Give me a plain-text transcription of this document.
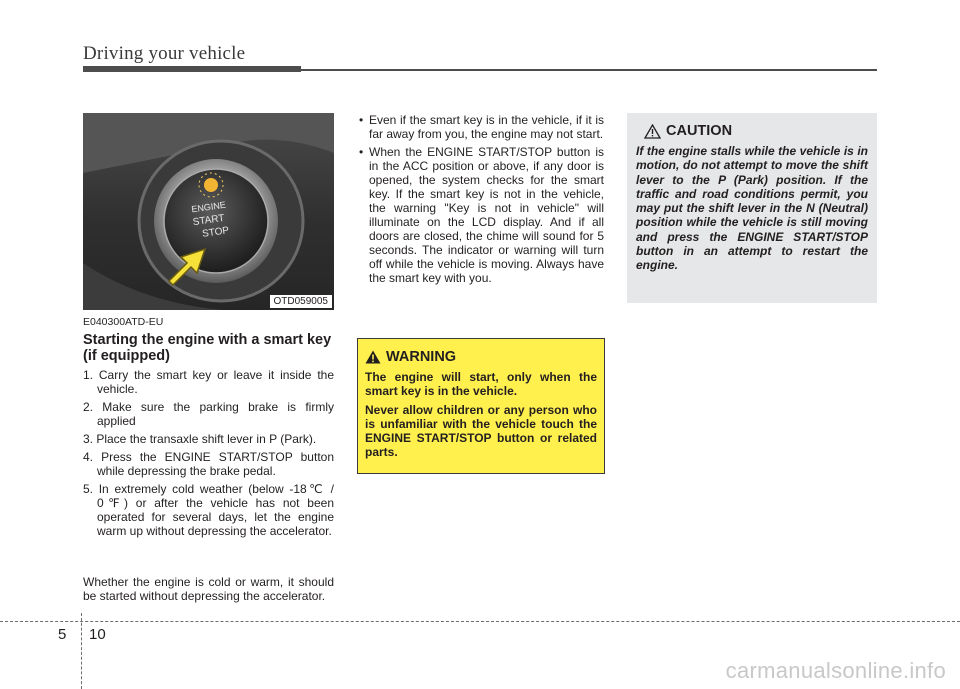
Driving your vehicle
ENGINE
START
STOP
OTD059005
E040300ATD-EU
Starting the engine with a smart key (if equipped)
1. Carry the smart key or leave it inside the vehicle.
2. Make sure the parking brake is firmly applied
3. Place the transaxle shift lever in P (Park).
4. Press the ENGINE START/STOP button while depressing the brake pedal.
5. In extremely cold weather (below -18℃ / 0℉) or after the vehicle has not been operated for several days, let the engine warm up without depressing the accelerator.

Whether the engine is cold or warm, it should be started without depressing the accelerator.

• Even if the smart key is in the vehicle, if it is far away from you, the engine may not start.
• When the ENGINE START/STOP button is in the ACC position or above, if any door is opened, the system checks for the smart key. If the smart key is not in the vehicle, the warning "Key is not in vehicle" will illuminate on the LCD display. And if all doors are closed, the chime will sound for 5 seconds. The indicator or warning will turn off while the vehicle is moving. Always have the smart key with you.
WARNING

The engine will start, only when the smart key is in the vehicle.

Never allow children or any person who is unfamiliar with the vehicle touch the ENGINE START/STOP button or related parts.

CAUTION

If the engine stalls while the vehicle is in motion, do not attempt to move the shift lever to the P (Park) position. If the traffic and road conditions permit, you may put the shift lever in the N (Neutral) position while the vehicle is still moving and press the ENGINE START/STOP button in an attempt to restart the engine.

5 10
carmanualsonline.info
